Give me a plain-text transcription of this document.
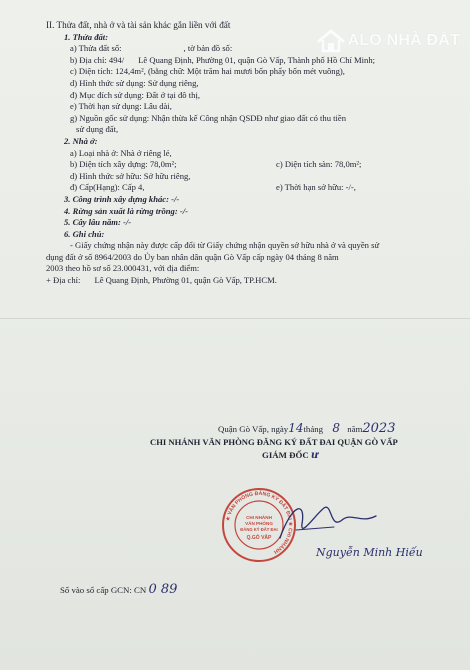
ALO NHÀ ĐẤT
II. Thửa đất, nhà ở và tài sản khác gắn liền với đất
1. Thửa đất:
a) Thửa đất số:	, tờ bản đồ số:
b) Địa chỉ: 494/ Lê Quang Định, Phường 01, quận Gò Vấp, Thành phố Hồ Chí Minh;
c) Diện tích: 124,4m², (bằng chữ: Một trăm hai mươi bốn phẩy bốn mét vuông),
d) Hình thức sử dụng: Sử dụng riêng,
đ) Mục đích sử dụng: Đất ở tại đô thị,
e) Thời hạn sử dụng: Lâu dài,
g) Nguồn gốc sử dụng: Nhận thừa kế Công nhận QSDĐ như giao đất có thu tiền
sử dụng đất,
2. Nhà ở:
a) Loại nhà ở: Nhà ở riêng lẻ,
b) Diện tích xây dựng: 78,0m²;	c) Diện tích sàn: 78,0m²;
d) Hình thức sở hữu: Sở hữu riêng,
đ) Cấp(Hạng): Cấp 4,	e) Thời hạn sở hữu: -/-,
3. Công trình xây dựng khác: -/-
4. Rừng sản xuất là rừng trồng: -/-
5. Cây lâu năm: -/-
6. Ghi chú:
- Giấy chứng nhận này được cấp đổi từ Giấy chứng nhận quyền sở hữu nhà ở và quyền sử
dụng đất ở số 8964/2003 do Ủy ban nhân dân quận Gò Vấp cấp ngày 04 tháng 8 năm
2003 theo hồ sơ số 23.000431, với địa điểm:
+ Địa chỉ: Lê Quang Định, Phường 01, quận Gò Vấp, TP.HCM.
Quận Gò Vấp, ngày14tháng 8 năm2023
CHI NHÁNH VĂN PHÒNG ĐĂNG KÝ ĐẤT ĐAI QUẬN GÒ VẤP
GIÁM ĐỐC ư
★ VĂN PHÒNG ĐĂNG KÝ ĐẤT ĐAI ★ CHI NHÁNH
CHI NHÁNH
VĂN PHÒNG
ĐĂNG KÝ ĐẤT ĐAI
Q.GÒ VẤP
Nguyễn Minh Hiếu
Số vào sổ cấp GCN: CN 0 89
